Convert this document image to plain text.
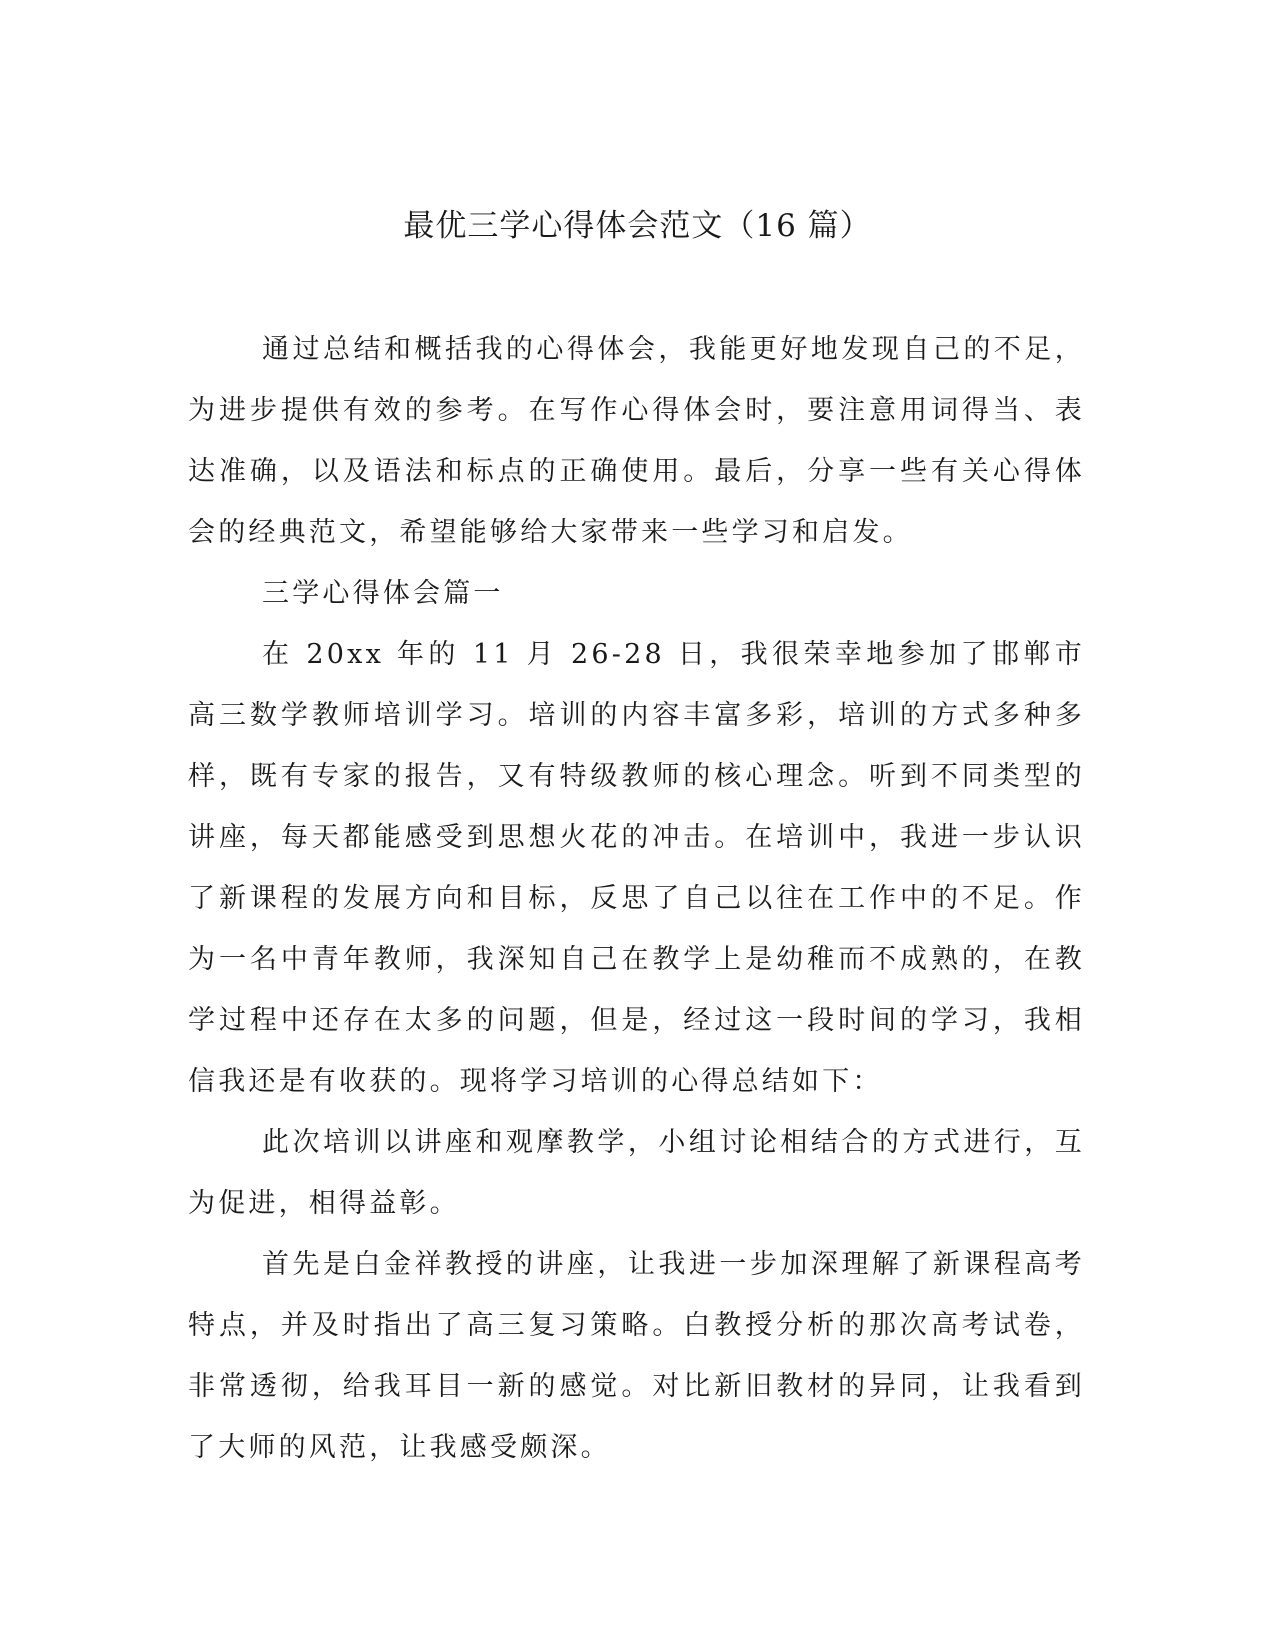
最优三学心得体会范文（16 篇）

通过总结和概括我的心得体会，我能更好地发现自己的不足，为进步提供有效的参考。在写作心得体会时，要注意用词得当、表达准确，以及语法和标点的正确使用。最后，分享一些有关心得体会的经典范文，希望能够给大家带来一些学习和启发。

三学心得体会篇一

在 20xx 年的 11 月 26-28 日，我很荣幸地参加了邯郸市高三数学教师培训学习。培训的内容丰富多彩，培训的方式多种多样，既有专家的报告，又有特级教师的核心理念。听到不同类型的讲座，每天都能感受到思想火花的冲击。在培训中，我进一步认识了新课程的发展方向和目标，反思了自己以往在工作中的不足。作为一名中青年教师，我深知自己在教学上是幼稚而不成熟的，在教学过程中还存在太多的问题，但是，经过这一段时间的学习，我相信我还是有收获的。现将学习培训的心得总结如下：

此次培训以讲座和观摩教学，小组讨论相结合的方式进行，互为促进，相得益彰。

首先是白金祥教授的讲座，让我进一步加深理解了新课程高考特点，并及时指出了高三复习策略。白教授分析的那次高考试卷，非常透彻，给我耳目一新的感觉。对比新旧教材的异同，让我看到了大师的风范，让我感受颇深。
